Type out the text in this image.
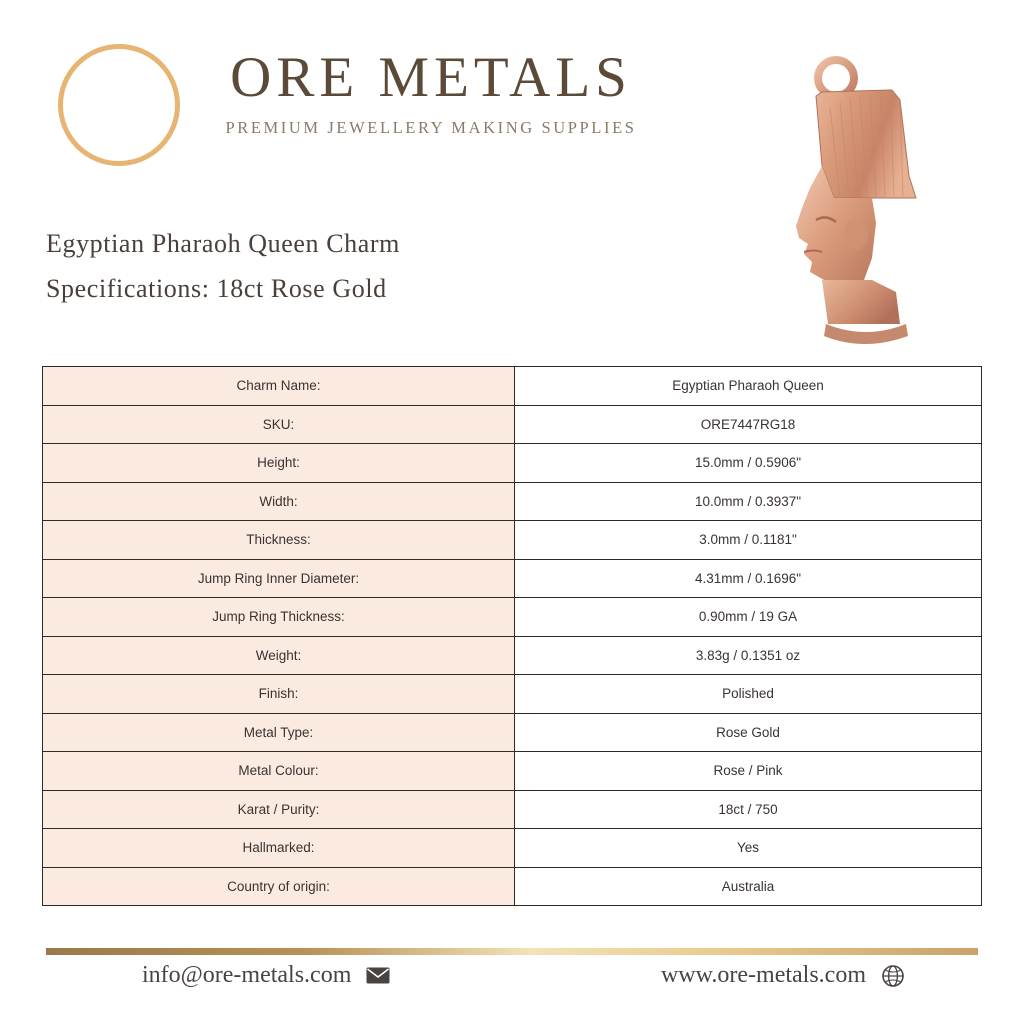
ORE METALS
PREMIUM JEWELLERY MAKING SUPPLIES
Egyptian Pharaoh Queen Charm
Specifications: 18ct Rose Gold
Charm Name:	Egyptian Pharaoh Queen
SKU:	ORE7447RG18
Height:	15.0mm / 0.5906"
Width:	10.0mm / 0.3937"
Thickness:	3.0mm / 0.1181"
Jump Ring Inner Diameter:	4.31mm / 0.1696"
Jump Ring Thickness:	0.90mm / 19 GA
Weight:	3.83g / 0.1351 oz
Finish:	Polished
Metal Type:	Rose Gold
Metal Colour:	Rose / Pink
Karat / Purity:	18ct / 750
Hallmarked:	Yes
Country of origin:	Australia
info@ore-metals.com	www.ore-metals.com
